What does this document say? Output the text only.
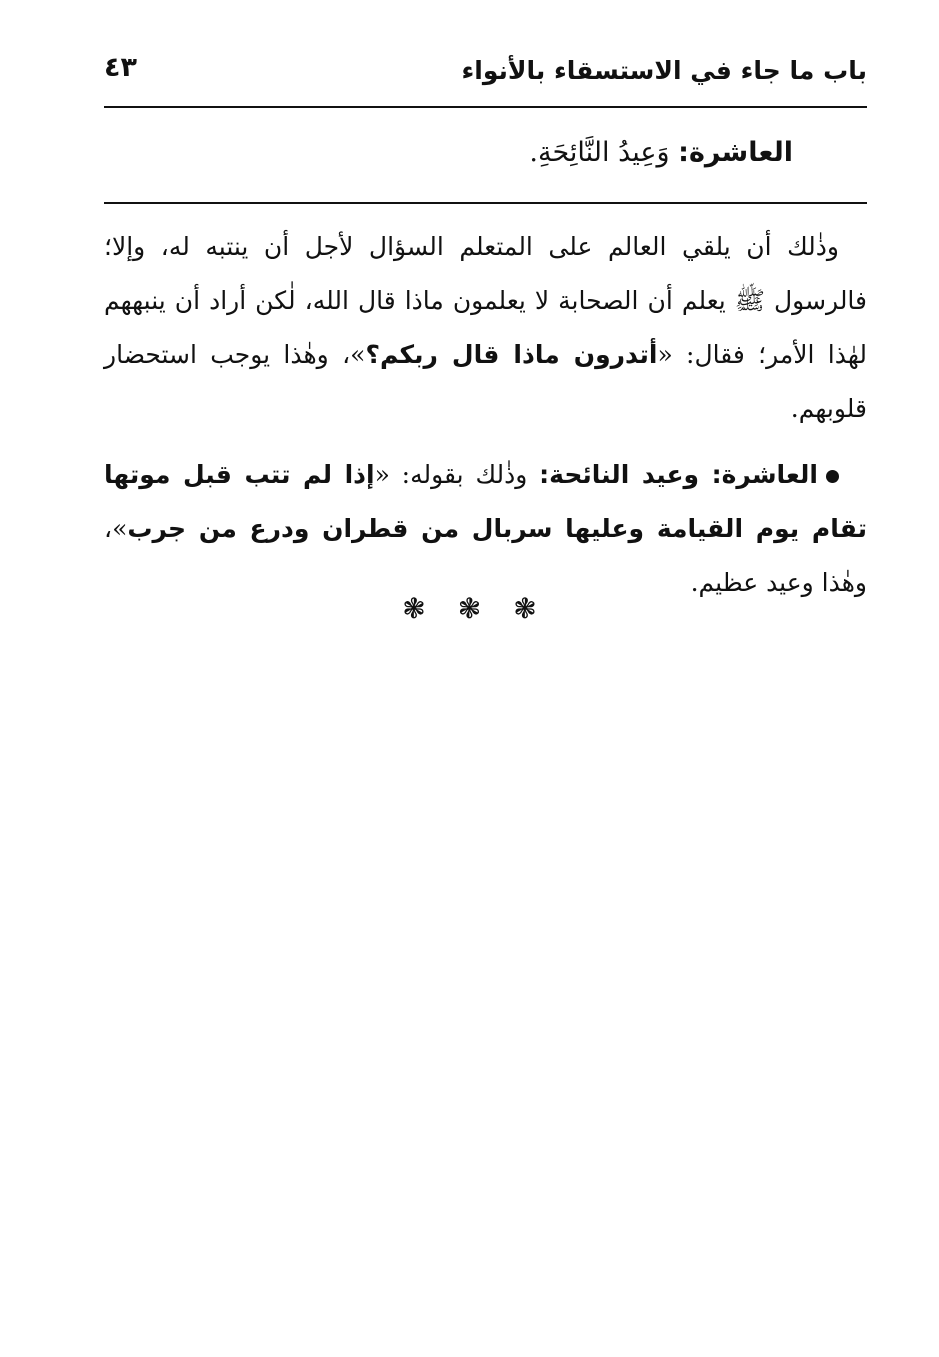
باب ما جاء في الاستسقاء بالأنواء
٤٣
العاشرة: وَعِيدُ النَّائِحَةِ.

وذٰلك أن يلقي العالم على المتعلم السؤال لأجل أن ينتبه له، وإلا؛ فالرسول ﷺ يعلم أن الصحابة لا يعلمون ماذا قال الله، لٰكن أراد أن ينبههم لهٰذا الأمر؛ فقال: «أتدرون ماذا قال ربكم؟»، وهٰذا يوجب استحضار قلوبهم.

العاشرة: وعيد النائحة: وذٰلك بقوله: «إذا لم تتب قبل موتها تقام يوم القيامة وعليها سربال من قطران ودرع من جرب»، وهٰذا وعيد عظيم.

❃❃❃
